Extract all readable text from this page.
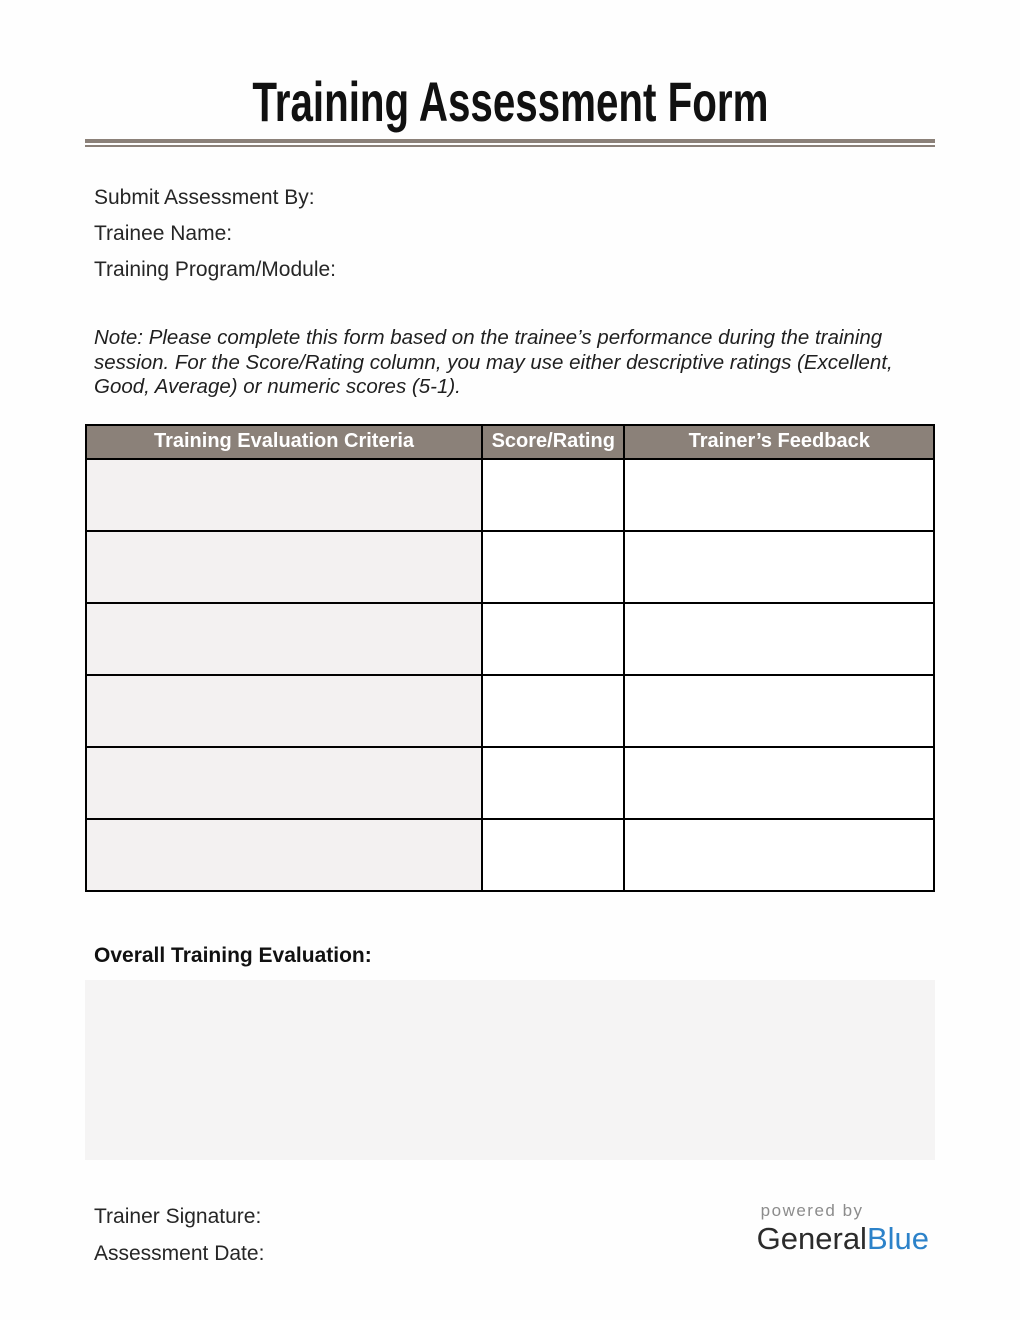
Training Assessment Form
Submit Assessment By:
Trainee Name:
Training Program/Module:

Note: Please complete this form based on the trainee’s performance during the training session. For the Score/Rating column, you may use either descriptive ratings (Excellent, Good, Average) or numeric scores (5-1).

Training Evaluation Criteria	Score/Rating	Trainer’s Feedback

Overall Training Evaluation:
Trainer Signature:
Assessment Date:
powered by
GeneralBlue
